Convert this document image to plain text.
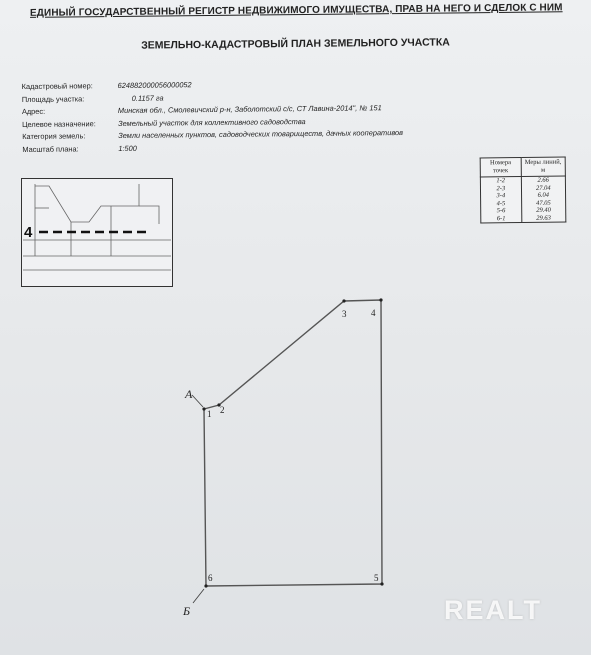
ЕДИНЫЙ ГОСУДАРСТВЕННЫЙ РЕГИСТР НЕДВИЖИМОГО ИМУЩЕСТВА, ПРАВ НА НЕГО И СДЕЛОК С НИМ
ЗЕМЕЛЬНО-КАДАСТРОВЫЙ ПЛАН ЗЕМЕЛЬНОГО УЧАСТКА
Кадастровый номер:	624882000056000052
Площадь участка:	0.1157 га
Адрес:	Минская обл., Смолевичский р-н, Заболотский с/с, СТ Лавина-2014", № 151
Целевое назначение:	Земельный участок для коллективного садоводства
Категория земель:	Земли населенных пунктов, садоводческих товариществ, дачных кооперативов
Масштаб плана:	1:500
Номера точек	Меры линий, м
1-2	2.66
2-3	27.04
3-4	6.04
4-5	47.05
5-6	29.40
6-1	29.63
4
1 2
3	4
5
6
А
Б	REALT
